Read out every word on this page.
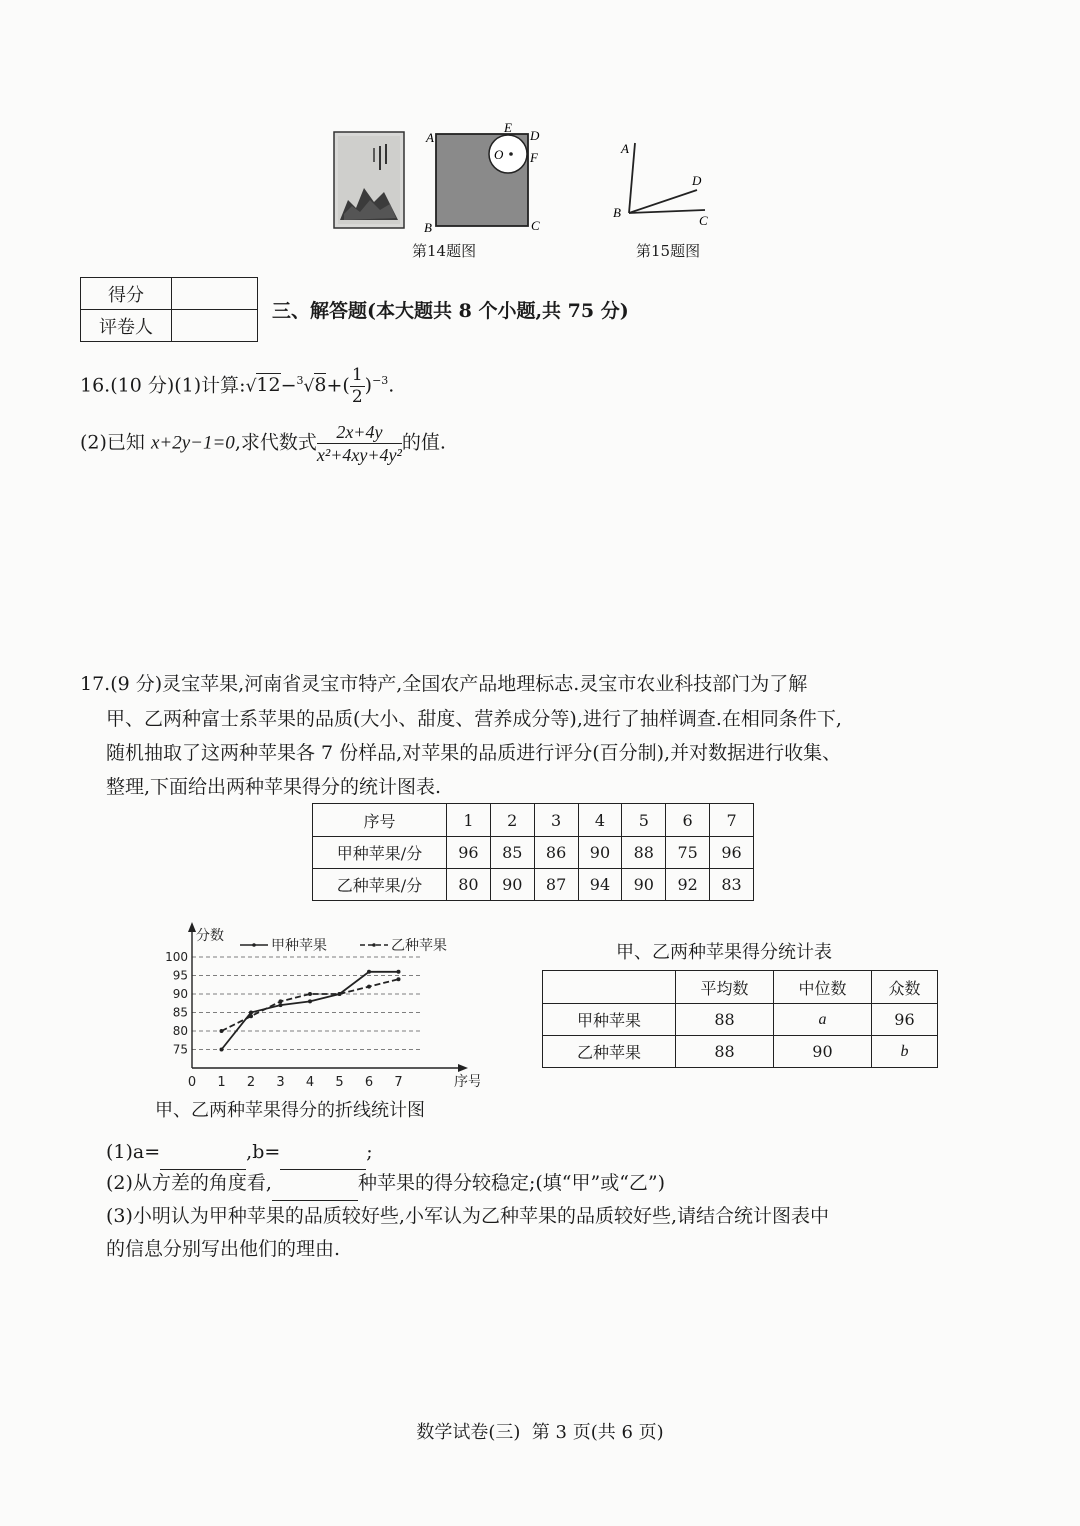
A
B	C
D
E
F
O
第14题图
A
B
C
D
第15题图
得分	
评卷人	
三、解答题(本大题共 8 个小题,共 75 分)
16.(10 分)(1)计算:√12−$^3$√8+( $\frac{1}{2} )^{-3}$.
(2)已知 x+2y−1=0,求代数式 $\frac{2x+4y}{\text{x²+4xy+4y²}}$ 的值.
17.(9 分)灵宝苹果,河南省灵宝市特产,全国农产品地理标志.灵宝市农业科技部门为了解
甲、乙两种富士系苹果的品质(大小、甜度、营养成分等),进行了抽样调查.在相同条件下,
随机抽取了这两种苹果各 7 份样品,对苹果的品质进行评分(百分制),并对数据进行收集、
整理,下面给出两种苹果得分的统计图表.
序号	1	2	3	4	5	6	7
甲种苹果/分	96	85	86	90	88	75	96
乙种苹果/分	80	90	87	94	90	92	83
75
80
85
90
95
100
0 1 2 3 4 5 6 7	序号
分数
甲种苹果	乙种苹果
甲、乙两种苹果得分的折线统计图
甲、乙两种苹果得分统计表
	平均数	中位数	众数
甲种苹果	88	a	96
乙种苹果	88	90	b
(1)a=	,b=	;
(2)从方差的角度看,	种苹果的得分较稳定;(填“甲”或“乙”)
(3)小明认为甲种苹果的品质较好些,小军认为乙种苹果的品质较好些,请结合统计图表中
的信息分别写出他们的理由.
数学试卷(三)  第 3 页(共 6 页)
